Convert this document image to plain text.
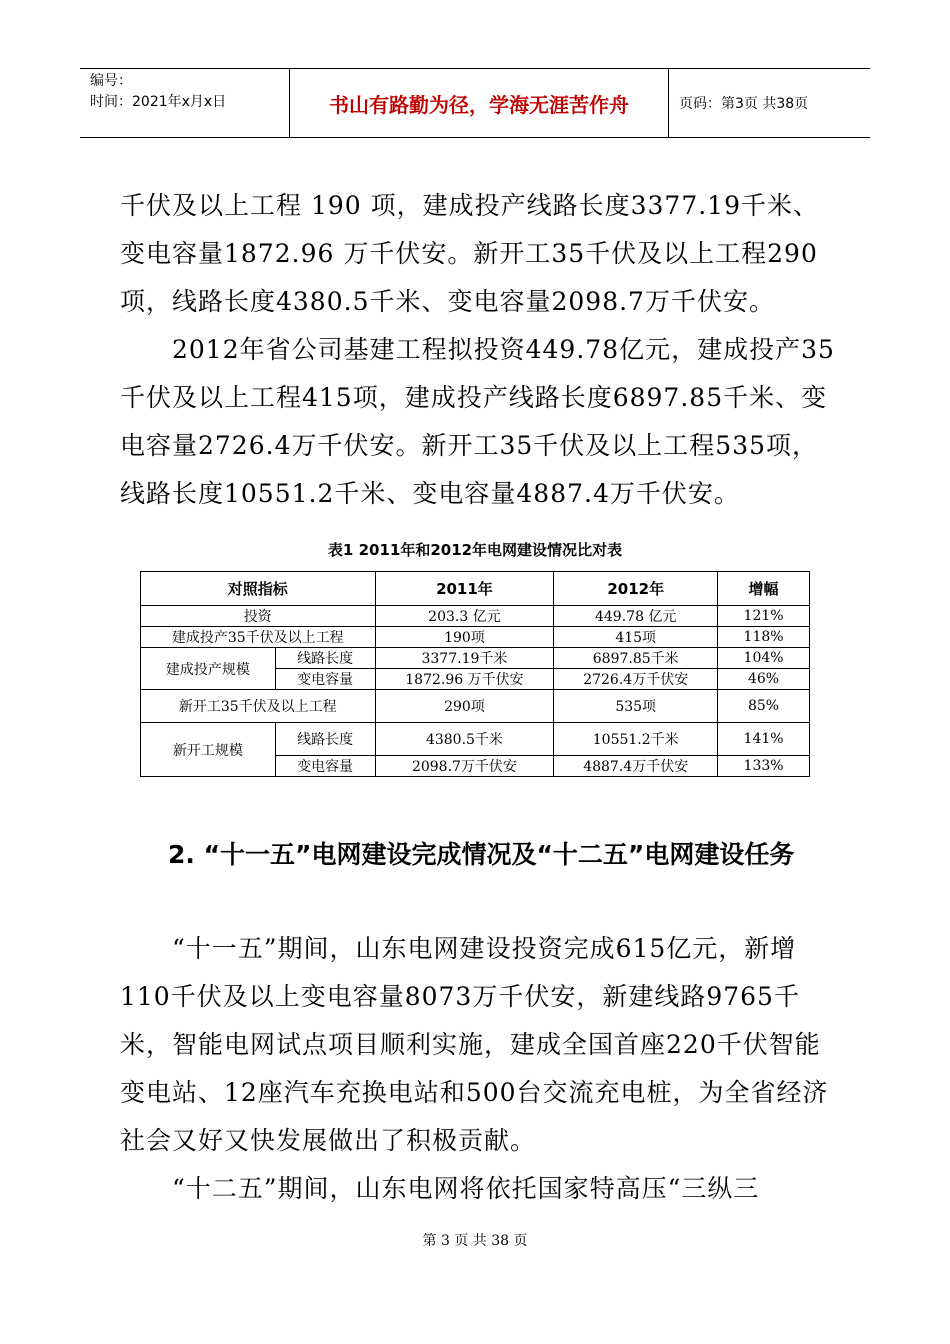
编号：
时间：2021年x月x日	书山有路勤为径，学海无涯苦作舟	页码：第3页 共38页
千伏及以上工程 190 项，建成投产线路长度3377.19千米、变电容量1872.96 万千伏安。新开工35千伏及以上工程290项，线路长度4380.5千米、变电容量2098.7万千伏安。
2012年省公司基建工程拟投资449.78亿元，建成投产35千伏及以上工程415项，建成投产线路长度6897.85千米、变电容量2726.4万千伏安。新开工35千伏及以上工程535项，线路长度10551.2千米、变电容量4887.4万千伏安。
表1 2011年和2012年电网建设情况比对表
对照指标		2011年	2012年	增幅
投资		203.3 亿元	449.78 亿元	121%
建成投产35千伏及以上工程		190项	415项	118%
建成投产规模	线路长度	3377.19千米	6897.85千米	104%
	变电容量	1872.96 万千伏安	2726.4万千伏安	46%
新开工35千伏及以上工程		290项	535项	85%
新开工规模	线路长度	4380.5千米	10551.2千米	141%
	变电容量	2098.7万千伏安	4887.4万千伏安	133%
2. “十一五”电网建设完成情况及“十二五”电网建设任务
“十一五”期间，山东电网建设投资完成615亿元，新增110千伏及以上变电容量8073万千伏安，新建线路9765千米，智能电网试点项目顺利实施，建成全国首座220千伏智能变电站、12座汽车充换电站和500台交流充电桩，为全省经济社会又好又快发展做出了积极贡献。
“十二五”期间，山东电网将依托国家特高压“三纵三
第 3 页 共 38 页
